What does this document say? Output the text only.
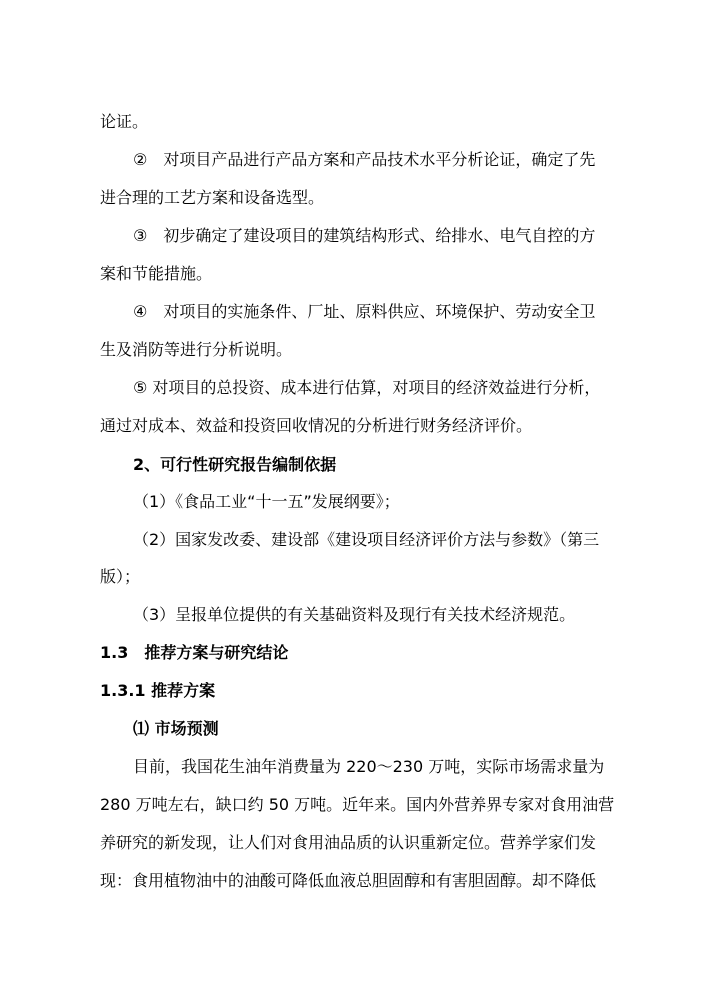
论证。

②　对项目产品进行产品方案和产品技术水平分析论证，确定了先

进合理的工艺方案和设备选型。

③　初步确定了建设项目的建筑结构形式、给排水、电气自控的方

案和节能措施。

④　对项目的实施条件、厂址、原料供应、环境保护、劳动安全卫

生及消防等进行分析说明。

⑤ 对项目的总投资、成本进行估算，对项目的经济效益进行分析，

通过对成本、效益和投资回收情况的分析进行财务经济评价。

2、可行性研究报告编制依据

（1）《食品工业“十一五”发展纲要》；

（2）国家发改委、建设部《建设项目经济评价方法与参数》（第三

版）；

（3）呈报单位提供的有关基础资料及现行有关技术经济规范。

1.3　推荐方案与研究结论

1.3.1 推荐方案

⑴ 市场预测

目前，我国花生油年消费量为 220～230 万吨，实际市场需求量为

280 万吨左右，缺口约 50 万吨。近年来。国内外营养界专家对食用油营

养研究的新发现，让人们对食用油品质的认识重新定位。营养学家们发

现：食用植物油中的油酸可降低血液总胆固醇和有害胆固醇。却不降低
